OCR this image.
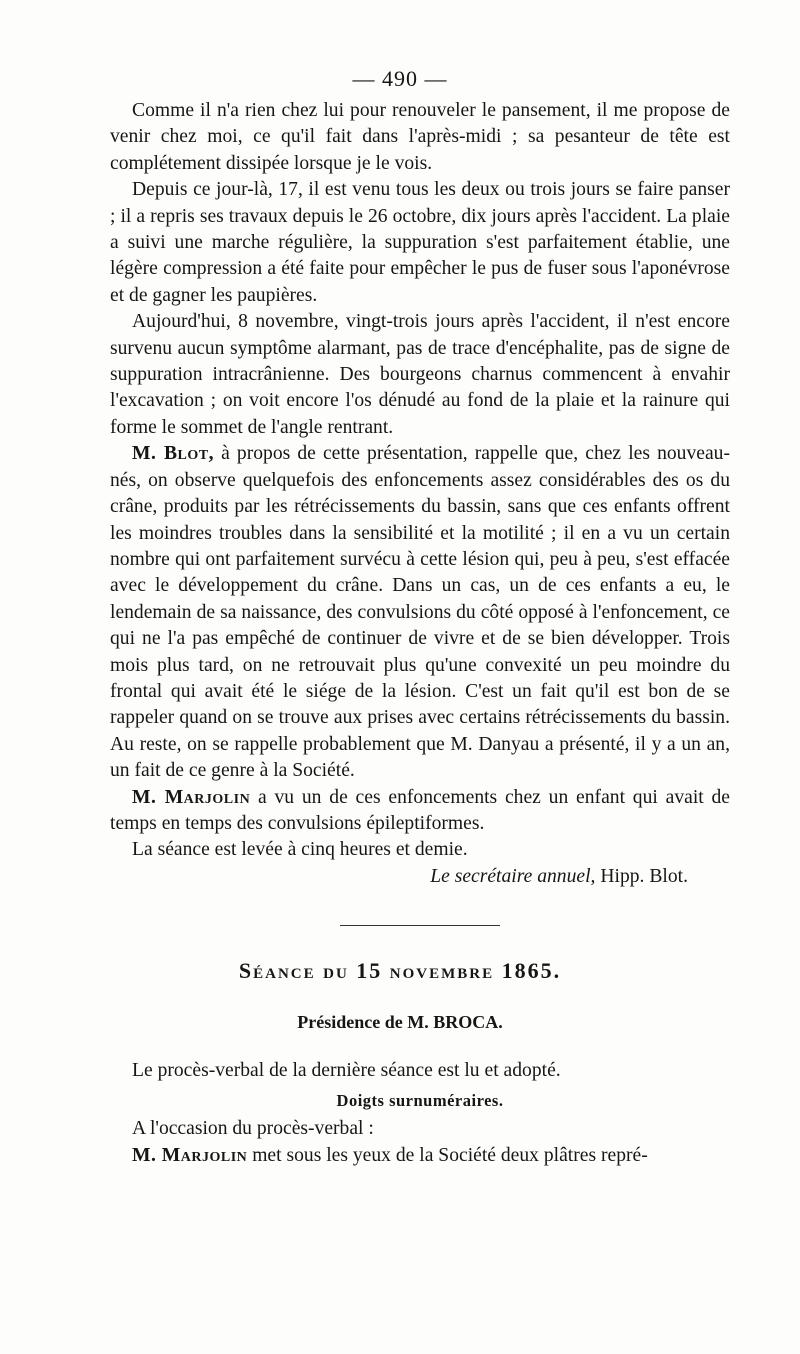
— 490 —

Comme il n'a rien chez lui pour renouveler le pansement, il me propose de venir chez moi, ce qu'il fait dans l'après-midi ; sa pesanteur de tête est complétement dissipée lorsque je le vois.

Depuis ce jour-là, 17, il est venu tous les deux ou trois jours se faire panser ; il a repris ses travaux depuis le 26 octobre, dix jours après l'accident. La plaie a suivi une marche régulière, la suppuration s'est parfaitement établie, une légère compression a été faite pour empêcher le pus de fuser sous l'aponévrose et de gagner les paupières.

Aujourd'hui, 8 novembre, vingt-trois jours après l'accident, il n'est encore survenu aucun symptôme alarmant, pas de trace d'encéphalite, pas de signe de suppuration intracrânienne. Des bourgeons charnus commencent à envahir l'excavation ; on voit encore l'os dénudé au fond de la plaie et la rainure qui forme le sommet de l'angle rentrant.

M. Blot, à propos de cette présentation, rappelle que, chez les nouveau-nés, on observe quelquefois des enfoncements assez considérables des os du crâne, produits par les rétrécissements du bassin, sans que ces enfants offrent les moindres troubles dans la sensibilité et la motilité ; il en a vu un certain nombre qui ont parfaitement survécu à cette lésion qui, peu à peu, s'est effacée avec le développement du crâne. Dans un cas, un de ces enfants a eu, le lendemain de sa naissance, des convulsions du côté opposé à l'enfoncement, ce qui ne l'a pas empêché de continuer de vivre et de se bien développer. Trois mois plus tard, on ne retrouvait plus qu'une convexité un peu moindre du frontal qui avait été le siége de la lésion. C'est un fait qu'il est bon de se rappeler quand on se trouve aux prises avec certains rétrécissements du bassin. Au reste, on se rappelle probablement que M. Danyau a présenté, il y a un an, un fait de ce genre à la Société.

M. Marjolin a vu un de ces enfoncements chez un enfant qui avait de temps en temps des convulsions épileptiformes.

La séance est levée à cinq heures et demie.

Le secrétaire annuel, Hipp. Blot.
Séance du 15 novembre 1865.
Présidence de M. BROCA.

Le procès-verbal de la dernière séance est lu et adopté.

Doigts surnuméraires.

A l'occasion du procès-verbal :

M. Marjolin met sous les yeux de la Société deux plâtres repré-
